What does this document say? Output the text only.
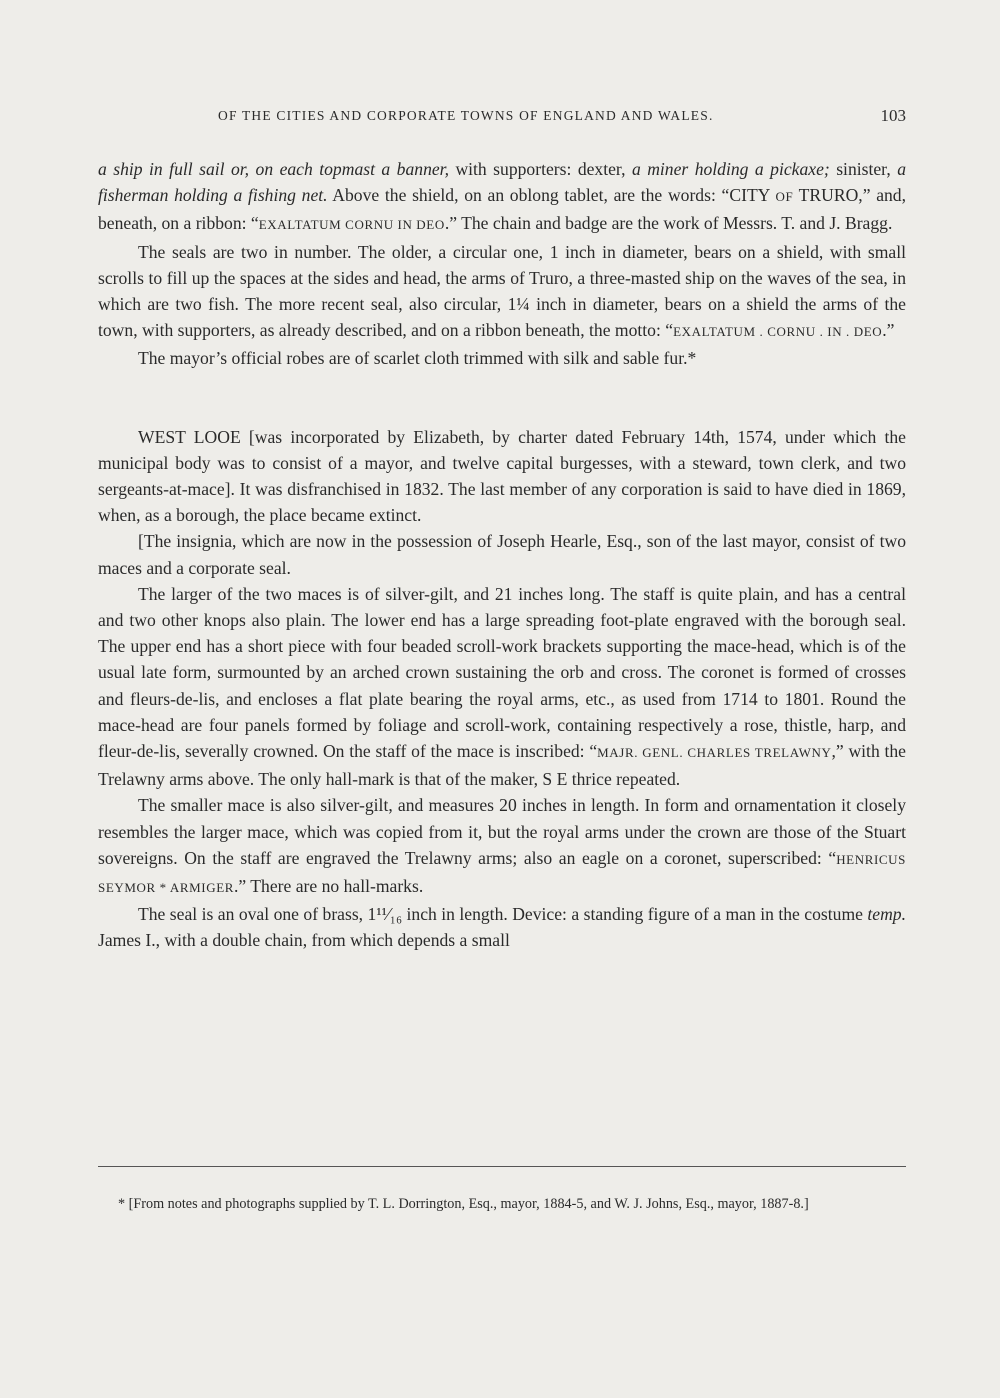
OF THE CITIES AND CORPORATE TOWNS OF ENGLAND AND WALES.	103

a ship in full sail or, on each topmast a banner, with supporters: dexter, a miner holding a pickaxe; sinister, a fisherman holding a fishing net. Above the shield, on an oblong tablet, are the words: “CITY OF TRURO,” and, beneath, on a ribbon: “EXALTATUM CORNU IN DEO.” The chain and badge are the work of Messrs. T. and J. Bragg.

The seals are two in number. The older, a circular one, 1 inch in diameter, bears on a shield, with small scrolls to fill up the spaces at the sides and head, the arms of Truro, a three-masted ship on the waves of the sea, in which are two fish. The more recent seal, also circular, 1¼ inch in diameter, bears on a shield the arms of the town, with supporters, as already described, and on a ribbon beneath, the motto: “EXALTATUM . CORNU . IN . DEO.”

The mayor’s official robes are of scarlet cloth trimmed with silk and sable fur.*

WEST LOOE [was incorporated by Elizabeth, by charter dated February 14th, 1574, under which the municipal body was to consist of a mayor, and twelve capital burgesses, with a steward, town clerk, and two sergeants-at-mace]. It was disfranchised in 1832. The last member of any corporation is said to have died in 1869, when, as a borough, the place became extinct.

[The insignia, which are now in the possession of Joseph Hearle, Esq., son of the last mayor, consist of two maces and a corporate seal.

The larger of the two maces is of silver-gilt, and 21 inches long. The staff is quite plain, and has a central and two other knops also plain. The lower end has a large spreading foot-plate engraved with the borough seal. The upper end has a short piece with four beaded scroll-work brackets supporting the mace-head, which is of the usual late form, surmounted by an arched crown sustaining the orb and cross. The coronet is formed of crosses and fleurs-de-lis, and encloses a flat plate bearing the royal arms, etc., as used from 1714 to 1801. Round the mace-head are four panels formed by foliage and scroll-work, containing respectively a rose, thistle, harp, and fleur-de-lis, severally crowned. On the staff of the mace is inscribed: “MAJR. GENL. CHARLES TRELAWNY,” with the Trelawny arms above. The only hall-mark is that of the maker, S E thrice repeated.

The smaller mace is also silver-gilt, and measures 20 inches in length. In form and ornamentation it closely resembles the larger mace, which was copied from it, but the royal arms under the crown are those of the Stuart sovereigns. On the staff are engraved the Trelawny arms; also an eagle on a coronet, superscribed: “HENRICUS SEYMOR * ARMIGER.” There are no hall-marks.

The seal is an oval one of brass, 1¹¹⁄₁₆ inch in length. Device: a standing figure of a man in the costume temp. James I., with a double chain, from which depends a small

* [From notes and photographs supplied by T. L. Dorrington, Esq., mayor, 1884-5, and W. J. Johns, Esq., mayor, 1887-8.]
